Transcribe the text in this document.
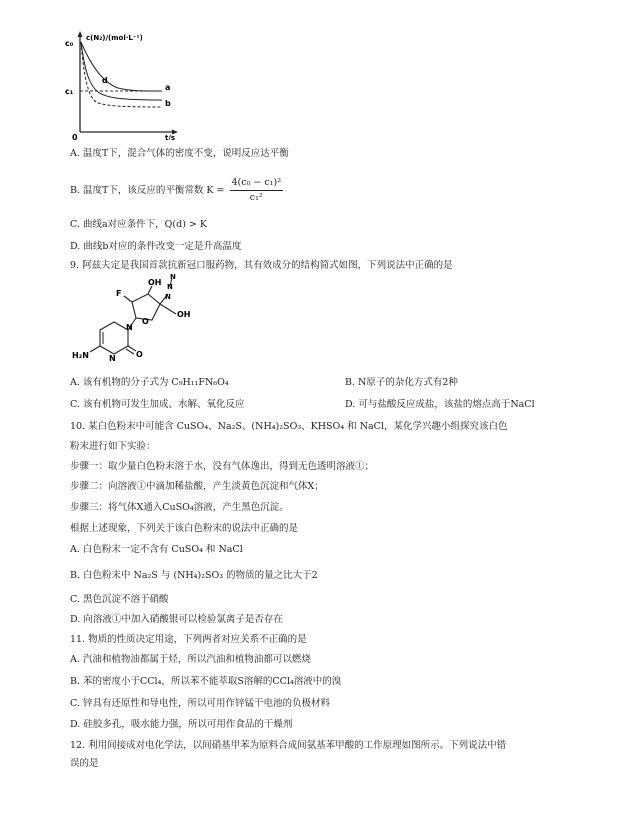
c(N₂)/(mol·L⁻¹)
c₀
c₁
0	t/s
d
a
b
A. 温度T下，混合气体的密度不变，说明反应达平衡
B. 温度T下，该反应的平衡常数 $K = \frac{\text{4(c₀ − c₁)²}}{\text{c₁²}}$
C. 曲线a对应条件下，Q(d) > K
D. 曲线b对应的条件改变一定是升高温度
9. 阿兹夫定是我国首款抗新冠口服药物，其有效成分的结构简式如图，下列说法中正确的是
F
OH
N
N
N
OH
O
N
N	O
H₂N
A. 该有机物的分子式为 C₉H₁₁FN₆O₄	B. N原子的杂化方式有2种
C. 该有机物可发生加成、水解、氧化反应	D. 可与盐酸反应成盐，该盐的熔点高于NaCl
10. 某白色粉末中可能含 CuSO₄、Na₂S、(NH₄)₂SO₃、KHSO₄ 和 NaCl，某化学兴趣小组探究该白色
粉末进行如下实验：
步骤一：取少量白色粉末溶于水，没有气体逸出，得到无色透明溶液①；
步骤二：向溶液①中滴加稀盐酸，产生淡黄色沉淀和气体X；
步骤三：将气体X通入CuSO₄溶液，产生黑色沉淀。
根据上述现象，下列关于该白色粉末的说法中正确的是
A. 白色粉末一定不含有 CuSO₄ 和 NaCl
B. 白色粉末中 Na₂S 与 (NH₄)₂SO₃ 的物质的量之比大于2
C. 黑色沉淀不溶于硝酸
D. 向溶液①中加入硝酸银可以检验氯离子是否存在
11. 物质的性质决定用途，下列两者对应关系不正确的是
A. 汽油和植物油都属于烃，所以汽油和植物油都可以燃烧
B. 苯的密度小于CCl₄，所以苯不能萃取S溶解的CCl₄溶液中的溴
C. 锌具有还原性和导电性，所以可用作锌锰干电池的负极材料
D. 硅胶多孔，吸水能力强，所以可用作食品的干燥剂
12. 利用间接成对电化学法，以间硝基甲苯为原料合成间氨基苯甲酸的工作原理如图所示。下列说法中错
误的是
